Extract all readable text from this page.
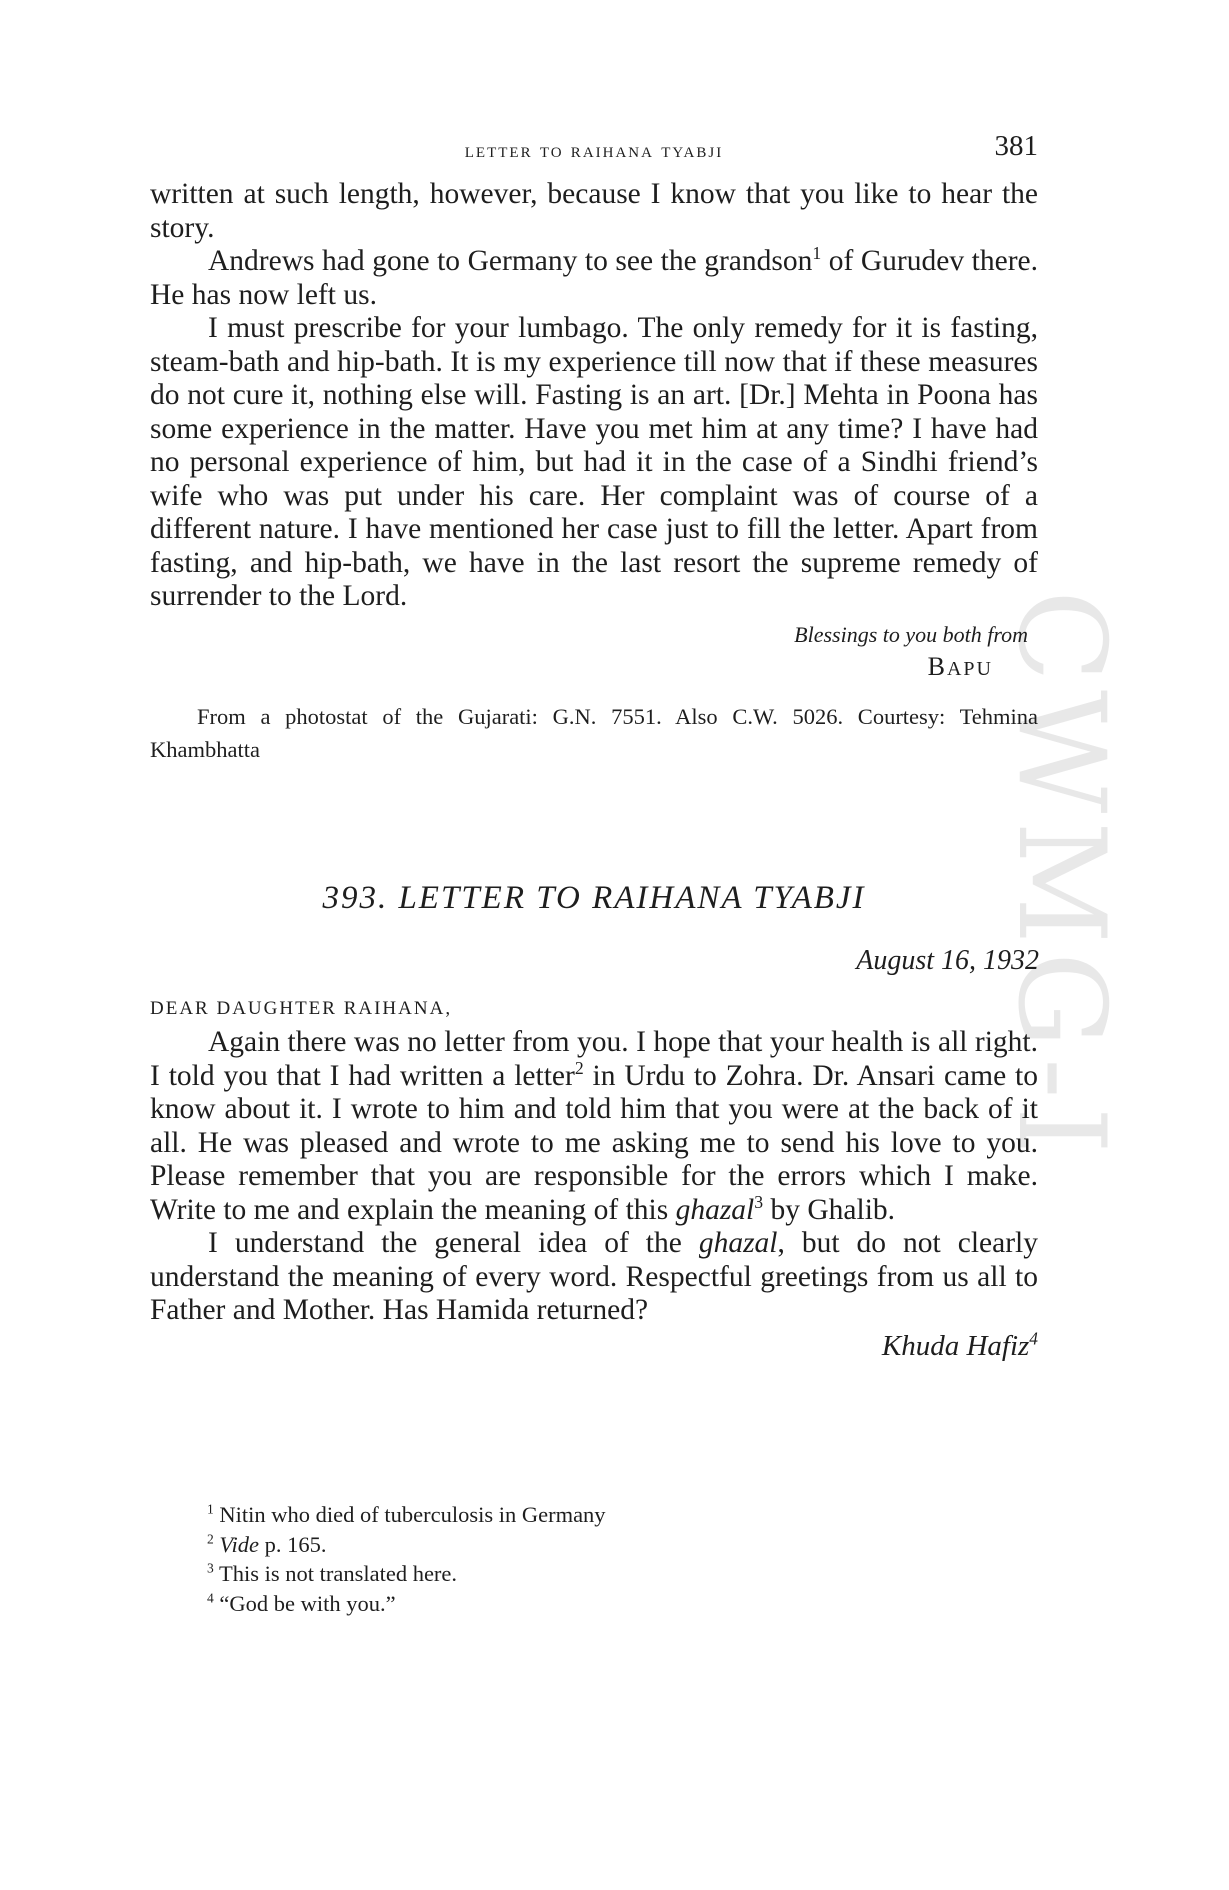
CWMG-I
letter to raihana tyabji	381

written at such length, however, because I know that you like to hear the story.

Andrews had gone to Germany to see the grandson$^1$ of Gurudev there. He has now left us.

I must prescribe for your lumbago. The only remedy for it is fasting, steam-bath and hip-bath. It is my experience till now that if these measures do not cure it, nothing else will. Fasting is an art. [Dr.] Mehta in Poona has some experience in the matter. Have you met him at any time? I have had no personal experience of him, but had it in the case of a Sindhi friend’s wife who was put under his care. Her complaint was of course of a different nature. I have mentioned her case just to fill the letter. Apart from fasting, and hip-bath, we have in the last resort the supreme remedy of surrender to the Lord.

Blessings to you both from
BAPU

From a photostat of the Gujarati: G.N. 7551. Also C.W. 5026. Courtesy: Tehmina Khambhatta

393. LETTER TO RAIHANA TYABJI
August 16, 1932

DEAR DAUGHTER RAIHANA,

Again there was no letter from you. I hope that your health is all right. I told you that I had written a letter$^2$ in Urdu to Zohra. Dr. Ansari came to know about it. I wrote to him and told him that you were at the back of it all. He was pleased and wrote to me asking me to send his love to you. Please remember that you are responsible for the errors which I make. Write to me and explain the meaning of this ghazal$^3$ by Ghalib.

I understand the general idea of the ghazal, but do not clearly understand the meaning of every word. Respectful greetings from us all to Father and Mother. Has Hamida returned?

Khuda Hafiz$^4$

$^1$ Nitin who died of tuberculosis in Germany

$^2$ Vide p. 165.

$^3$ This is not translated here.

$^4$ “God be with you.”
